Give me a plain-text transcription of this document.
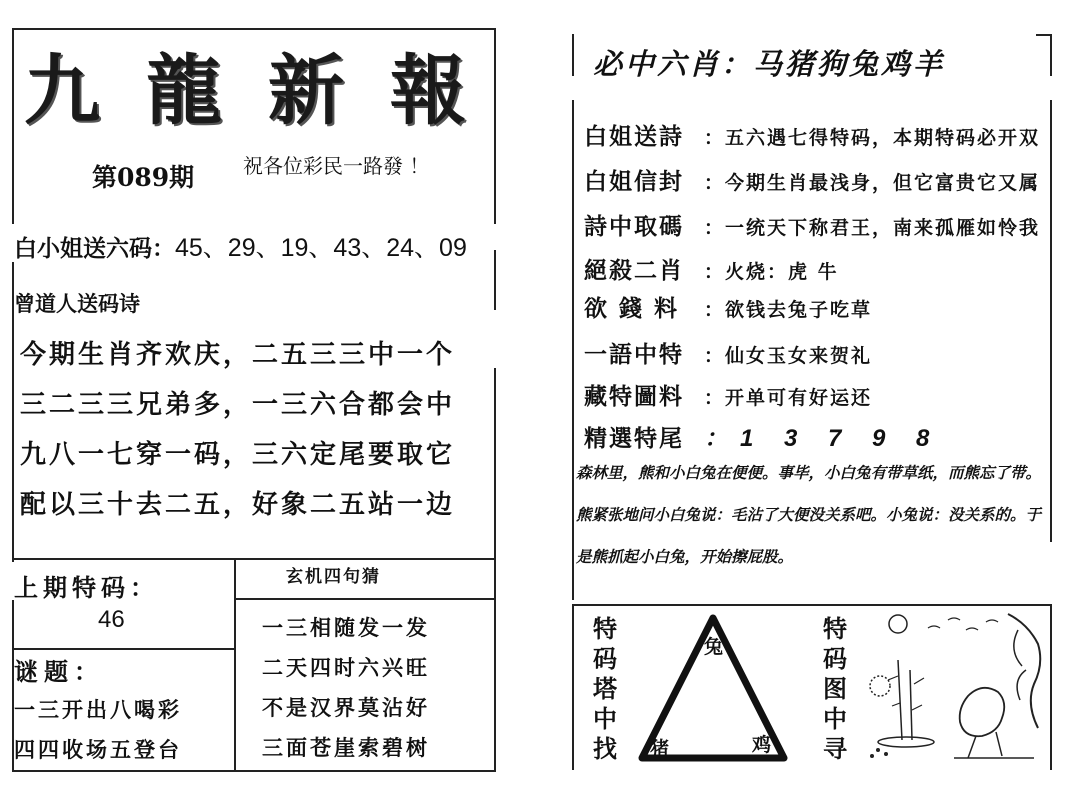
九 龍 新 報
第089期 祝各位彩民一路發 ！
白小姐送六码：45、29、19、43、24、09
曾道人送码诗
今期生肖齐欢庆，二五三三中一个
三二三三兄弟多，一三六合都会中
九八一七穿一码，三六定尾要取它
配以三十去二五，好象二五站一边
上期特码：
46
谜题：
一三开出八喝彩
四四收场五登台
玄机四句猜
一三相随发一发
二天四时六兴旺
不是汉界莫沾好
三面苍崖索碧树
必中六肖：马猪狗兔鸡羊
白姐送詩 ：五六遇七得特码，本期特码必开双
白姐信封 ：今期生肖最浅身，但它富贵它又属
詩中取碼 ：一统天下称君王，南来孤雁如怜我
絕殺二肖 ：火烧：虎 牛
欲 錢 料 ：欲钱去兔子吃草
一語中特 ：仙女玉女来贺礼
藏特圖料 ：开单可有好运还
精選特尾 ：1 3 7 9 8
森林里，熊和小白兔在便便。事毕，小白兔有带草纸，而熊忘了带。熊紧张地问小白兔说：毛沾了大便没关系吧。小兔说：没关系的。于是熊抓起小白兔，开始擦屁股。
特
码
塔
中
找
兔
猪	鸡
特
码
图
中
寻
